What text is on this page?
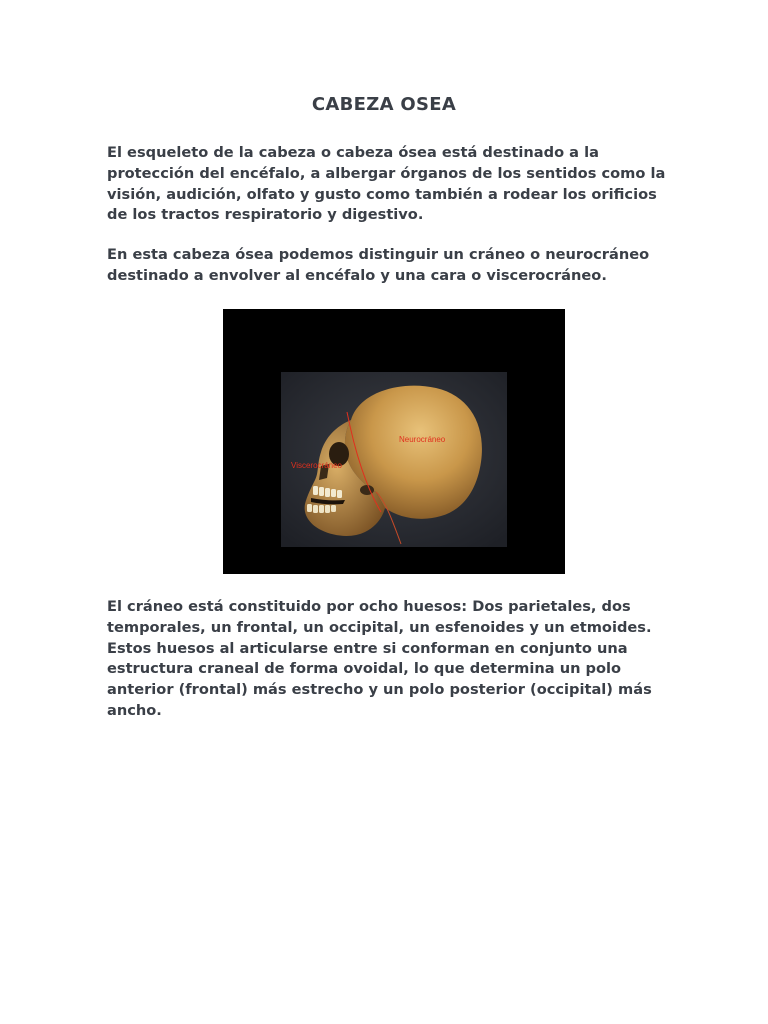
CABEZA OSEA

El esqueleto de la cabeza o cabeza ósea está destinado a la protección del encéfalo, a albergar órganos de los sentidos como la visión, audición, olfato y gusto como también a rodear los orificios de los tractos respiratorio y digestivo.

En esta cabeza ósea podemos distinguir un cráneo o neurocráneo destinado a envolver al encéfalo y una cara o viscerocráneo.

Neurocráneo
Viscerocráneo

El cráneo está constituido por ocho huesos: Dos parietales, dos temporales, un frontal, un occipital, un esfenoides y un etmoides. Estos huesos al articularse entre si conforman en conjunto una estructura craneal de forma ovoidal, lo que determina un polo anterior (frontal) más estrecho y un polo posterior (occipital) más ancho.
